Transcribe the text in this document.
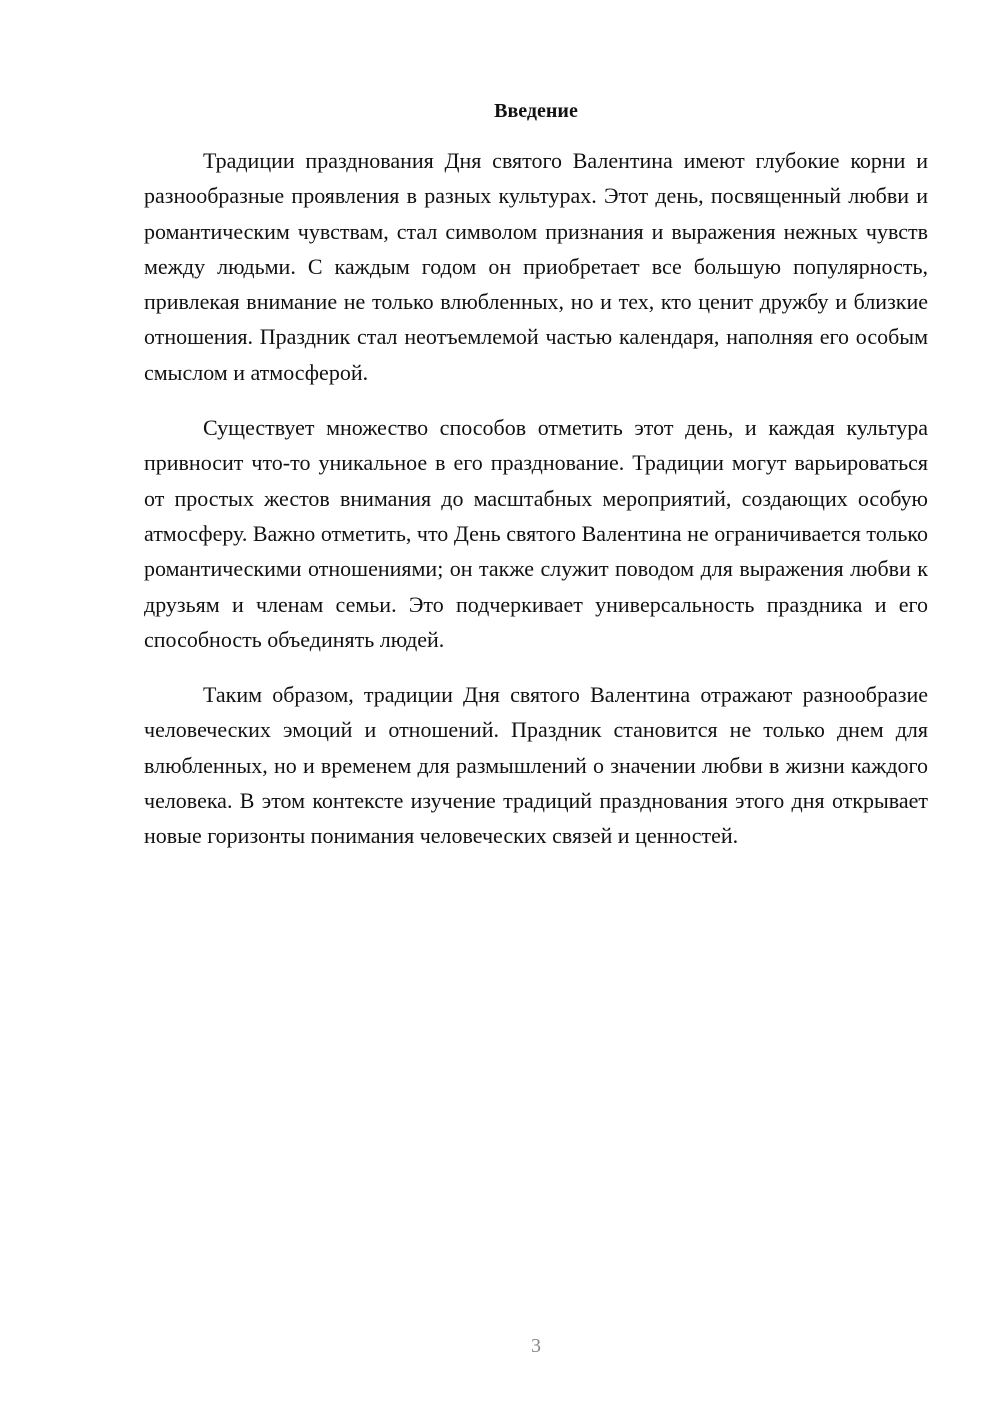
Введение

Традиции празднования Дня святого Валентина имеют глубокие корни и разнообразные проявления в разных культурах. Этот день, посвященный любви и романтическим чувствам, стал символом признания и выражения нежных чувств между людьми. С каждым годом он приобретает все большую популярность, привлекая внимание не только влюбленных, но и тех, кто ценит дружбу и близкие отношения. Праздник стал неотъемлемой частью календаря, наполняя его особым смыслом и атмосферой.

Существует множество способов отметить этот день, и каждая культура привносит что-то уникальное в его празднование. Традиции могут варьироваться от простых жестов внимания до масштабных мероприятий, создающих особую атмосферу. Важно отметить, что День святого Валентина не ограничивается только романтическими отношениями; он также служит поводом для выражения любви к друзьям и членам семьи. Это подчеркивает универсальность праздника и его способность объединять людей.

Таким образом, традиции Дня святого Валентина отражают разнообразие человеческих эмоций и отношений. Праздник становится не только днем для влюбленных, но и временем для размышлений о значении любви в жизни каждого человека. В этом контексте изучение традиций празднования этого дня открывает новые горизонты понимания человеческих связей и ценностей.

3
